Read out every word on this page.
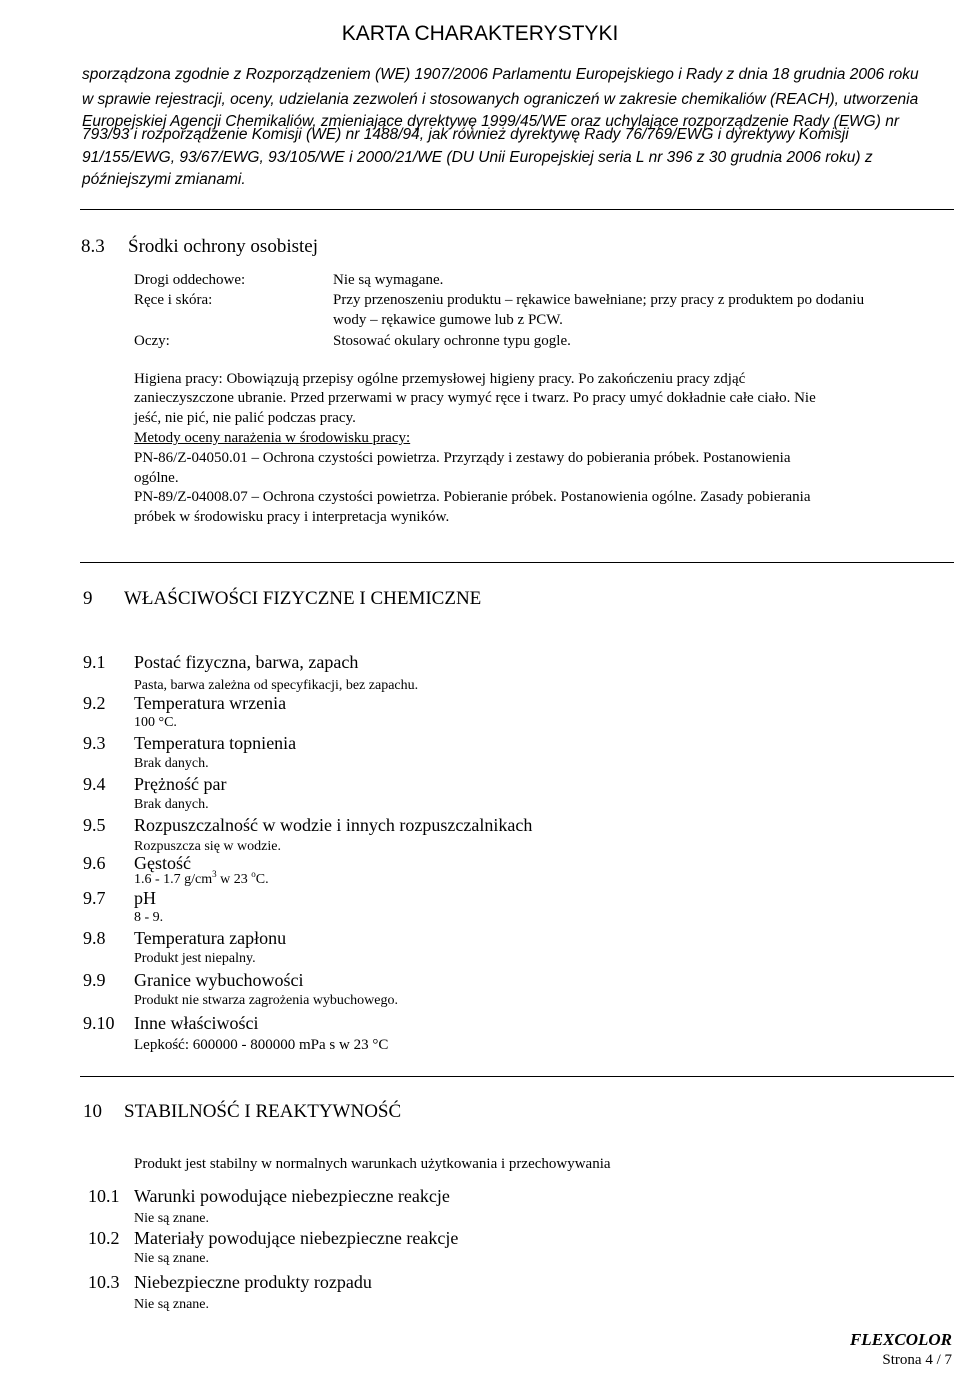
KARTA CHARAKTERYSTYKI
sporządzona zgodnie z Rozporządzeniem (WE) 1907/2006 Parlamentu Europejskiego i Rady z dnia 18 grudnia 2006 roku
w sprawie rejestracji, oceny, udzielania zezwoleń i stosowanych ograniczeń w zakresie chemikaliów (REACH), utworzenia
Europejskiej Agencji Chemikaliów, zmieniające dyrektywę 1999/45/WE oraz uchylające rozporządzenie Rady (EWG) nr
793/93 i rozporządzenie Komisji (WE) nr 1488/94, jak również dyrektywę Rady 76/769/EWG i dyrektywy Komisji
91/155/EWG, 93/67/EWG, 93/105/WE i 2000/21/WE (DU Unii Europejskiej seria L nr 396 z 30 grudnia 2006 roku) z
późniejszymi zmianami.
8.3 Środki ochrony osobistej
Drogi oddechowe:	Nie są wymagane.
Ręce i skóra:	Przy przenoszeniu produktu – rękawice bawełniane; przy pracy z produktem po dodaniu
wody – rękawice gumowe lub z PCW.
Oczy:	Stosować okulary ochronne typu gogle.
Higiena pracy: Obowiązują przepisy ogólne przemysłowej higieny pracy. Po zakończeniu pracy zdjąć
zanieczyszczone ubranie. Przed przerwami w pracy wymyć ręce i twarz. Po pracy umyć dokładnie całe ciało. Nie
jeść, nie pić, nie palić podczas pracy.
Metody oceny narażenia w środowisku pracy:
PN-86/Z-04050.01 – Ochrona czystości powietrza. Przyrządy i zestawy do pobierania próbek. Postanowienia
ogólne.
PN-89/Z-04008.07 – Ochrona czystości powietrza. Pobieranie próbek. Postanowienia ogólne. Zasady pobierania
próbek w środowisku pracy i interpretacja wyników.
9 WŁAŚCIWOŚCI FIZYCZNE I CHEMICZNE
9.1 Postać fizyczna, barwa, zapach
Pasta, barwa zależna od specyfikacji, bez zapachu.
9.2 Temperatura wrzenia
100 °C.
9.3 Temperatura topnienia
Brak danych.
9.4 Prężność par
Brak danych.
9.5 Rozpuszczalność w wodzie i innych rozpuszczalnikach
Rozpuszcza się w wodzie.
9.6 Gęstość
1.6 - 1.7 $g/cm^3$ w 23 $^o$C.
9.7 pH
8 - 9.
9.8 Temperatura zapłonu
Produkt jest niepalny.
9.9 Granice wybuchowości
Produkt nie stwarza zagrożenia wybuchowego.
9.10 Inne właściwości
Lepkość: 600000 - 800000 mPa s w 23 °C
10 STABILNOŚĆ I REAKTYWNOŚĆ
Produkt jest stabilny w normalnych warunkach użytkowania i przechowywania
10.1 Warunki powodujące niebezpieczne reakcje
Nie są znane.
10.2 Materiały powodujące niebezpieczne reakcje
Nie są znane.
10.3 Niebezpieczne produkty rozpadu
Nie są znane.
FLEXCOLOR
Strona 4 / 7
